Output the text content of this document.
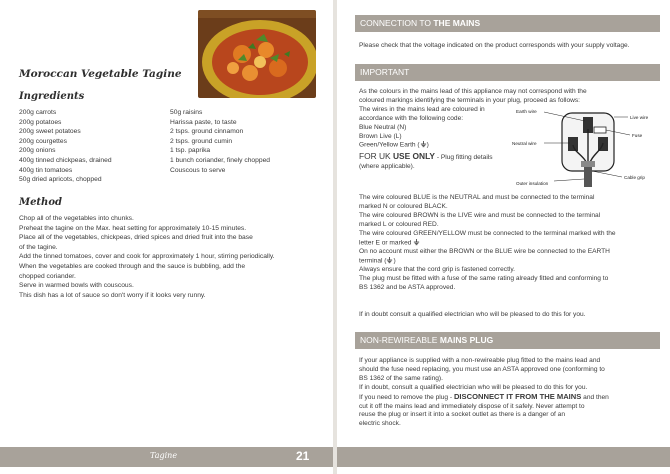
Moroccan Vegetable Tagine
Ingredients
200g carrots
200g potatoes
200g sweet potatoes
200g courgettes
200g onions
400g tinned chickpeas, drained
400g tin tomatoes
50g dried apricots, chopped
50g raisins
Harissa paste, to taste
2 tsps. ground cinnamon
2 tsps. ground cumin
1 tsp. paprika
1 bunch coriander, finely chopped
Couscous to serve
Method

Chop all of the vegetables into chunks.

Preheat the tagine on the Max. heat setting for approximately 10-15 minutes.

Place all of the vegetables, chickpeas, dried spices and dried fruit into the base

of the tagine.

Add the tinned tomatoes, cover and cook for approximately 1 hour, stirring periodically.

When the vegetables are cooked through and the sauce is bubbling, add the

chopped coriander.

Serve in warmed bowls with couscous.

This dish has a lot of sauce so don't worry if it looks very runny.

Tagine	21
CONNECTION TO THE MAINS

Please check that the voltage indicated on the product corresponds with your supply voltage.

IMPORTANT

As the colours in the mains lead of this appliance may not correspond with the

coloured markings identifying the terminals in your plug, proceed as follows:

The wires in the mains lead are coloured in

accordance with the following code:

Blue Neutral (N)

Brown Live (L)

Green/Yellow Earth ( )

FOR UK USE ONLY - Plug fitting details

(where applicable).

Earth wire
Live wire
Fuse
Neutral wire
Outer insulation
Cable grip

The wire coloured BLUE is the NEUTRAL and must be connected to the terminal

marked N or coloured BLACK.

The wire coloured BROWN is the LIVE wire and must be connected to the terminal

marked L or coloured RED.

The wire coloured GREEN/YELLOW must be connected to the terminal marked with the

letter E or marked

On no account must either the BROWN or the BLUE wire be connected to the EARTH

terminal ( )

Always ensure that the cord grip is fastened correctly.

The plug must be fitted with a fuse of the same rating already fitted and conforming to

BS 1362 and be ASTA approved.

If in doubt consult a qualified electrician who will be pleased to do this for you.

NON-REWIREABLE MAINS PLUG

If your appliance is supplied with a non-rewireable plug fitted to the mains lead and

should the fuse need replacing, you must use an ASTA approved one (conforming to

BS 1362 of the same rating).

If in doubt, consult a qualified electrician who will be pleased to do this for you.

If you need to remove the plug - DISCONNECT IT FROM THE MAINS and then

cut it off the mains lead and immediately dispose of it safely. Never attempt to

reuse the plug or insert it into a socket outlet as there is a danger of an

electric shock.
